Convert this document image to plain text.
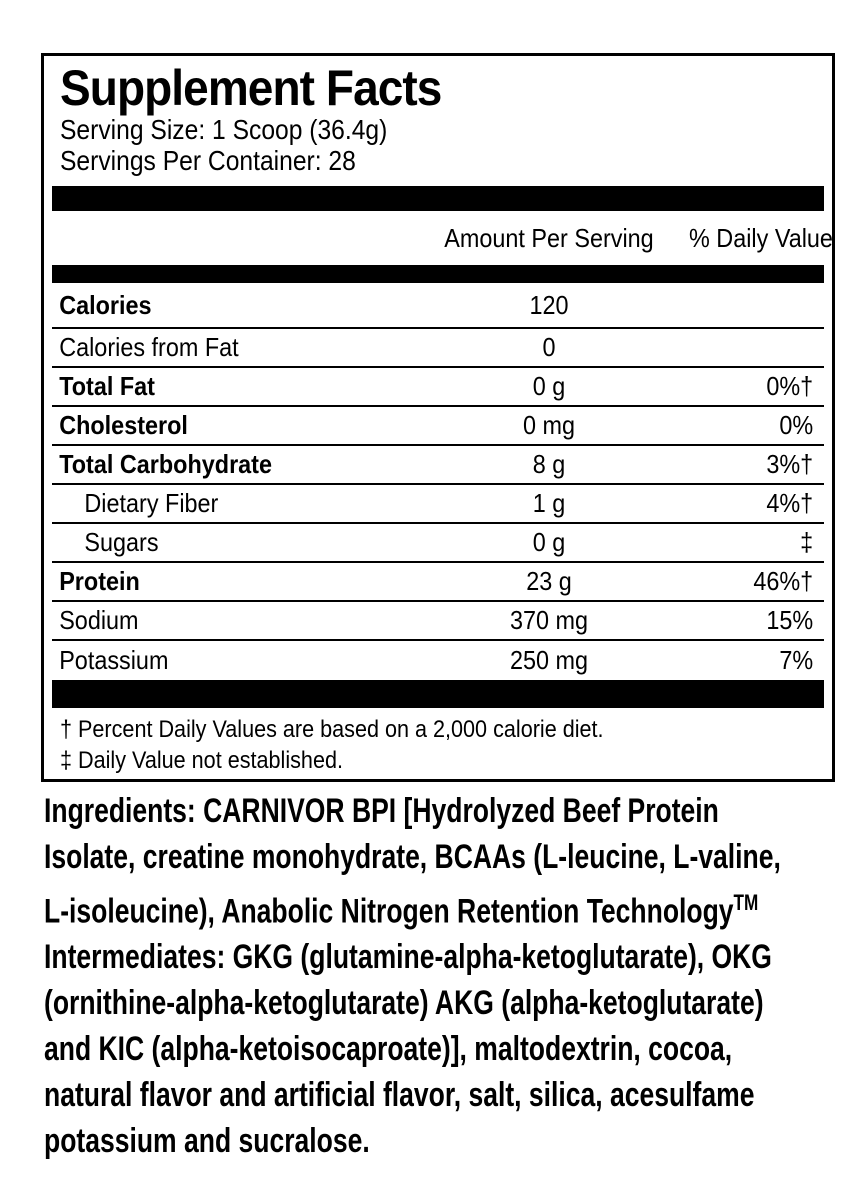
Supplement Facts
Serving Size: 1 Scoop (36.4g)
Servings Per Container: 28
Amount Per Serving	% Daily Value
Calories	120
Calories from Fat	0
Total Fat	0 g	0%†
Cholesterol	0 mg	0%
Total Carbohydrate	8 g	3%†
Dietary Fiber	1 g	4%†
Sugars	0 g	‡
Protein	23 g	46%†
Sodium	370 mg	15%
Potassium	250 mg	7%
† Percent Daily Values are based on a 2,000 calorie diet.
‡ Daily Value not established.
Ingredients: CARNIVOR BPI [Hydrolyzed Beef Protein
Isolate, creatine monohydrate, BCAAs (L-leucine, L-valine,
L-isoleucine), Anabolic Nitrogen Retention Technology™
Intermediates: GKG (glutamine-alpha-ketoglutarate), OKG
(ornithine-alpha-ketoglutarate) AKG (alpha-ketoglutarate)
and KIC (alpha-ketoisocaproate)], maltodextrin, cocoa,
natural flavor and artificial flavor, salt, silica, acesulfame
potassium and sucralose.
